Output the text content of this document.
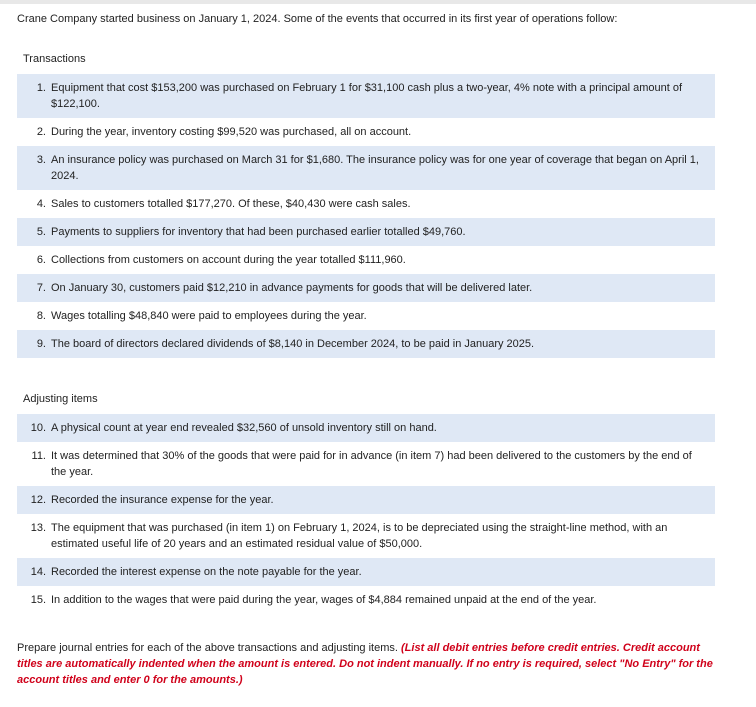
Crane Company started business on January 1, 2024. Some of the events that occurred in its first year of operations follow:
Transactions
1. Equipment that cost $153,200 was purchased on February 1 for $31,100 cash plus a two-year, 4% note with a principal amount of $122,100.
2. During the year, inventory costing $99,520 was purchased, all on account.
3. An insurance policy was purchased on March 31 for $1,680. The insurance policy was for one year of coverage that began on April 1, 2024.
4. Sales to customers totalled $177,270. Of these, $40,430 were cash sales.
5. Payments to suppliers for inventory that had been purchased earlier totalled $49,760.
6. Collections from customers on account during the year totalled $111,960.
7. On January 30, customers paid $12,210 in advance payments for goods that will be delivered later.
8. Wages totalling $48,840 were paid to employees during the year.
9. The board of directors declared dividends of $8,140 in December 2024, to be paid in January 2025.
Adjusting items
10. A physical count at year end revealed $32,560 of unsold inventory still on hand.
11. It was determined that 30% of the goods that were paid for in advance (in item 7) had been delivered to the customers by the end of the year.
12. Recorded the insurance expense for the year.
13. The equipment that was purchased (in item 1) on February 1, 2024, is to be depreciated using the straight-line method, with an estimated useful life of 20 years and an estimated residual value of $50,000.
14. Recorded the interest expense on the note payable for the year.
15. In addition to the wages that were paid during the year, wages of $4,884 remained unpaid at the end of the year.
Prepare journal entries for each of the above transactions and adjusting items. (List all debit entries before credit entries. Credit account titles are automatically indented when the amount is entered. Do not indent manually. If no entry is required, select "No Entry" for the account titles and enter 0 for the amounts.)
